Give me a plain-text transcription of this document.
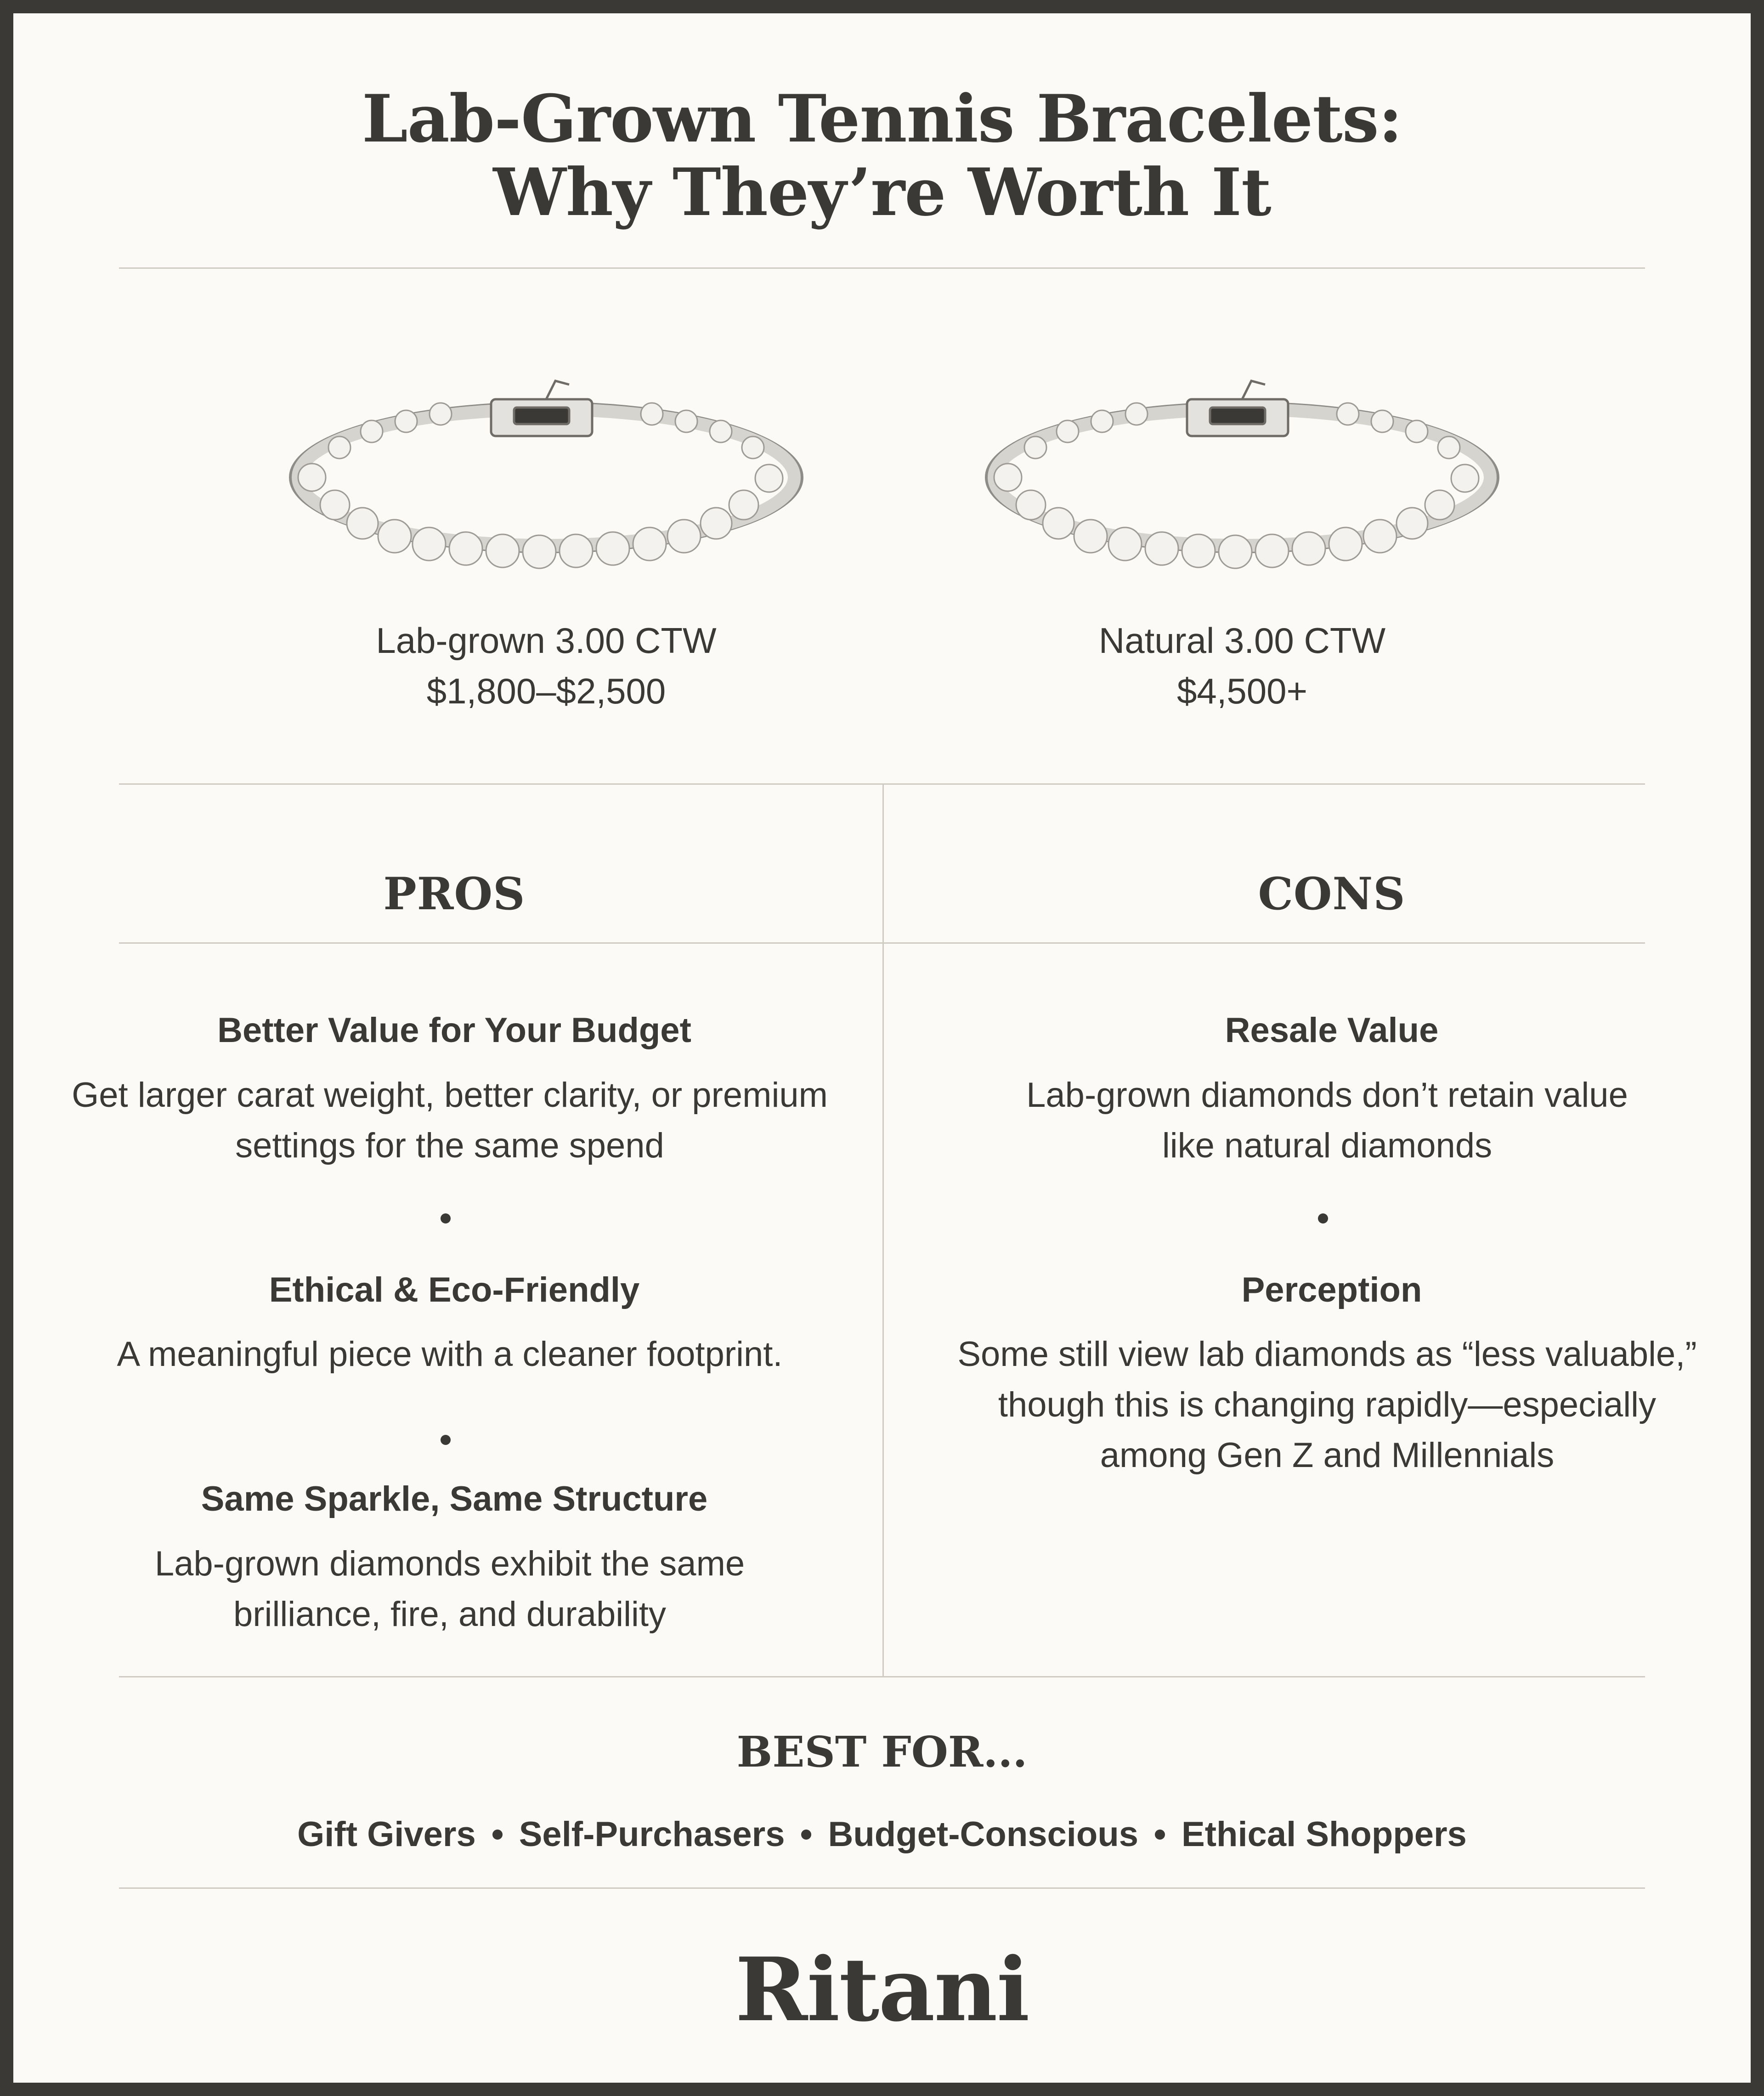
Lab-Grown Tennis Bracelets:
Why They’re Worth It
Lab-grown 3.00 CTW
$1,800–$2,500
Natural 3.00 CTW
$4,500+
PROS	CONS
Better Value for Your Budget
Get larger carat weight, better clarity, or premium
settings for the same spend
Ethical & Eco-Friendly
A meaningful piece with a cleaner footprint.
Same Sparkle, Same Structure
Lab-grown diamonds exhibit the same
brilliance, fire, and durability
Resale Value
Lab-grown diamonds don’t retain value
like natural diamonds
Perception
Some still view lab diamonds as “less valuable,”
though this is changing rapidly—especially
among Gen Z and Millennials
BEST FOR...
Gift Givers Self-Purchasers Budget-Conscious Ethical Shoppers
Ritani
